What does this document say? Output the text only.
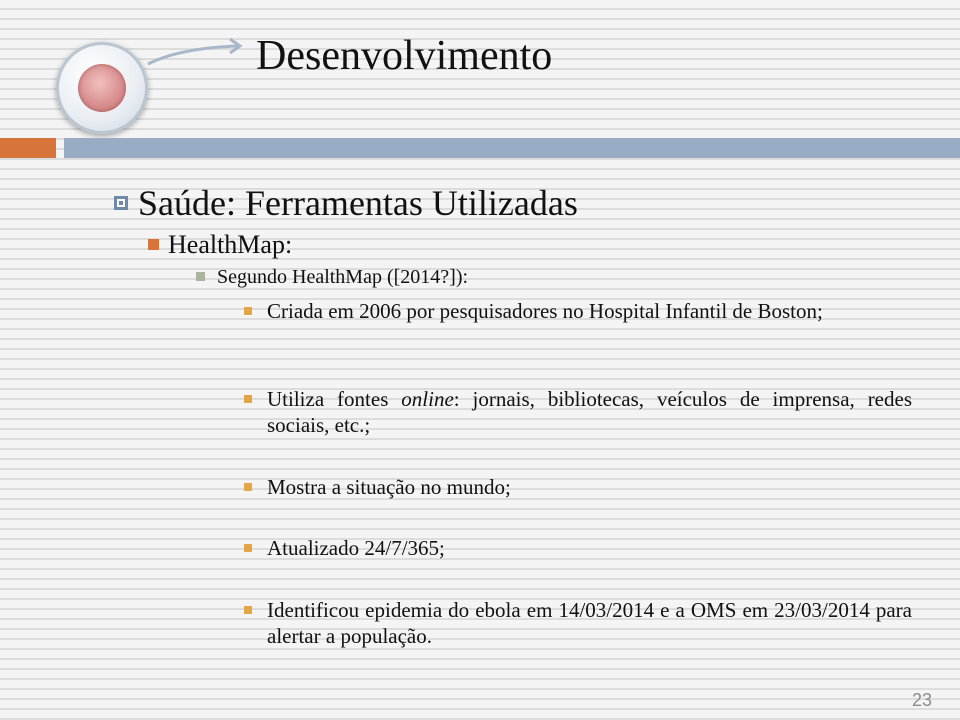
Desenvolvimento
Saúde: Ferramentas Utilizadas
HealthMap:
Segundo HealthMap ([2014?]):
Criada em 2006 por pesquisadores no Hospital Infantil de Boston;
Utiliza fontes online: jornais, bibliotecas, veículos de imprensa, redes sociais, etc.;
Mostra a situação no mundo;
Atualizado 24/7/365;
Identificou epidemia do ebola em 14/03/2014 e a OMS em 23/03/2014 para alertar a população.
23
